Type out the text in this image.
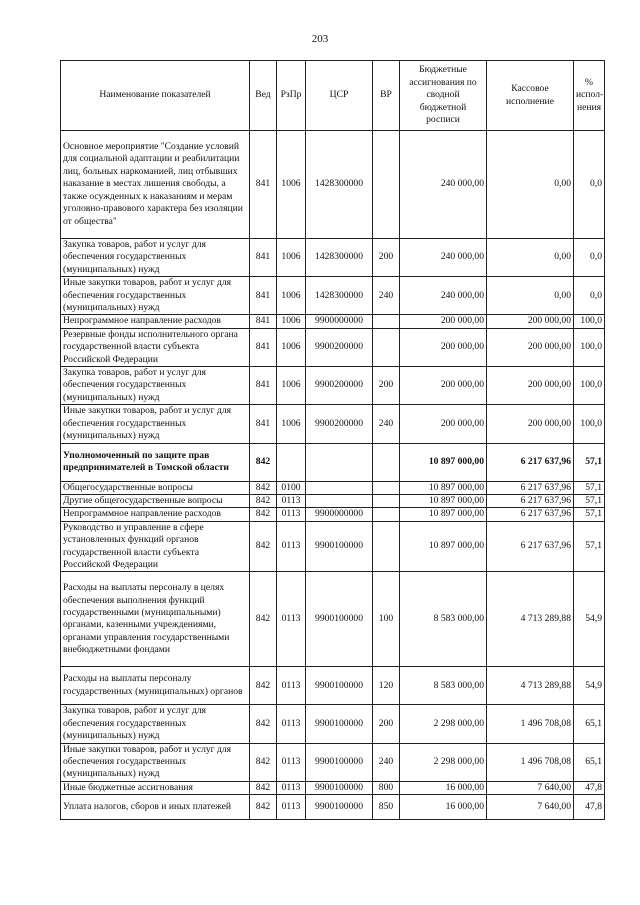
203
Наименование показателей	Вед	РзПр	ЦСР	ВР	Бюджетные ассигнования по сводной бюджетной росписи	Кассовое исполнение	% испол-нения
Основное мероприятие "Создание условий для социальной адаптации и реабилитации лиц, больных наркоманией, лиц отбывших наказание в местах лишения свободы, а также осужденных к наказаниям и мерам уголовно-правового характера без изоляции от общества"	841	1006	1428300000		240 000,00	0,00	0,0
Закупка товаров, работ и услуг для обеспечения государственных (муниципальных) нужд	841	1006	1428300000	200	240 000,00	0,00	0,0
Иные закупки товаров, работ и услуг для обеспечения государственных (муниципальных) нужд	841	1006	1428300000	240	240 000,00	0,00	0,0
Непрограммное направление расходов	841	1006	9900000000		200 000,00	200 000,00	100,0
Резервные фонды исполнительного органа государственной власти субъекта Российской Федерации	841	1006	9900200000		200 000,00	200 000,00	100,0
Закупка товаров, работ и услуг для обеспечения государственных (муниципальных) нужд	841	1006	9900200000	200	200 000,00	200 000,00	100,0
Иные закупки товаров, работ и услуг для обеспечения государственных (муниципальных) нужд	841	1006	9900200000	240	200 000,00	200 000,00	100,0
Уполномоченный по защите прав предпринимателей в Томской области	842				10 897 000,00	6 217 637,96	57,1
Общегосударственные вопросы	842	0100			10 897 000,00	6 217 637,96	57,1
Другие общегосударственные вопросы	842	0113			10 897 000,00	6 217 637,96	57,1
Непрограммное направление расходов	842	0113	9900000000		10 897 000,00	6 217 637,96	57,1
Руководство и управление в сфере установленных функций органов государственной власти субъекта Российской Федерации	842	0113	9900100000		10 897 000,00	6 217 637,96	57,1
Расходы на выплаты персоналу в целях обеспечения выполнения функций государственными (муниципальными) органами, казенными учреждениями, органами управления государственными внебюджетными фондами	842	0113	9900100000	100	8 583 000,00	4 713 289,88	54,9
Расходы на выплаты персоналу государственных (муниципальных) органов	842	0113	9900100000	120	8 583 000,00	4 713 289,88	54,9
Закупка товаров, работ и услуг для обеспечения государственных (муниципальных) нужд	842	0113	9900100000	200	2 298 000,00	1 496 708,08	65,1
Иные закупки товаров, работ и услуг для обеспечения государственных (муниципальных) нужд	842	0113	9900100000	240	2 298 000,00	1 496 708,08	65,1
Иные бюджетные ассигнования	842	0113	9900100000	800	16 000,00	7 640,00	47,8
Уплата налогов, сборов и иных платежей	842	0113	9900100000	850	16 000,00	7 640,00	47,8
